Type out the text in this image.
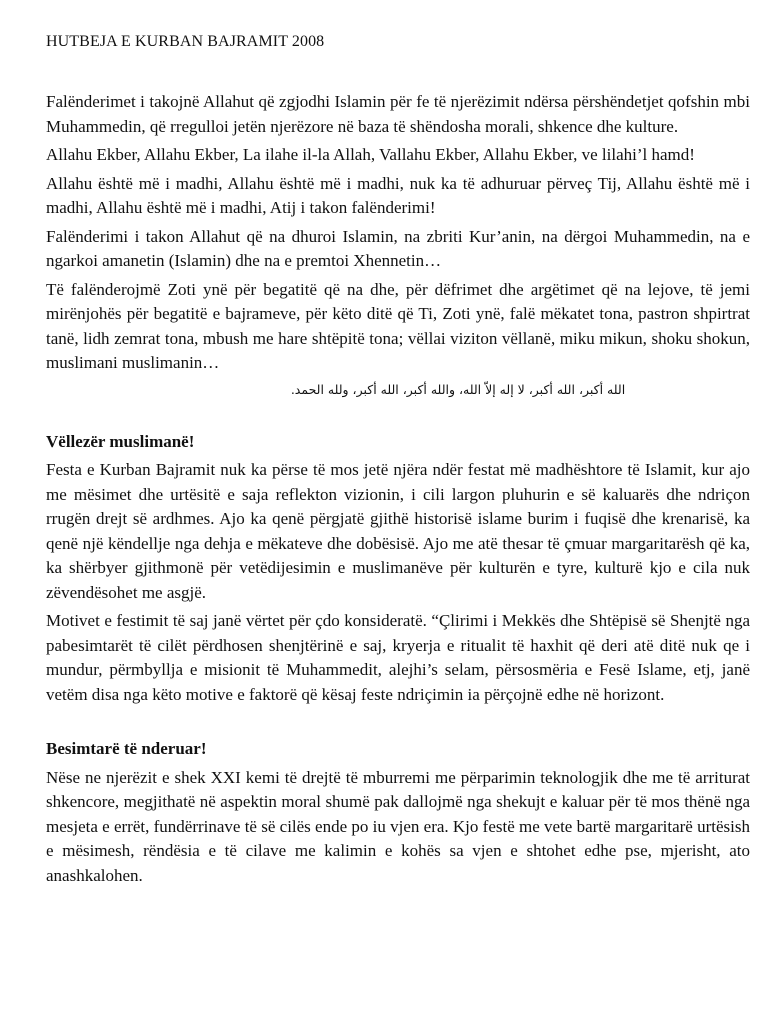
HUTBEJA E KURBAN BAJRAMIT 2008

Falënderimet i takojnë Allahut që zgjodhi Islamin për fe të njerëzimit ndërsa përshëndetjet qofshin mbi Muhammedin, që rregulloi jetën njerëzore në baza të shëndosha morali, shkence dhe kulture.

Allahu Ekber, Allahu Ekber, La ilahe il-la Allah, Vallahu Ekber, Allahu Ekber, ve lilahi’l hamd!

Allahu është më i madhi, Allahu është më i madhi, nuk ka të adhuruar përveç Tij, Allahu është më i madhi, Allahu është më i madhi, Atij i takon falënderimi!

Falënderimi i takon Allahut që na dhuroi Islamin, na zbriti Kur’anin, na dërgoi Muhammedin, na e ngarkoi amanetin (Islamin) dhe na e premtoi Xhennetin…

Të falënderojmë Zoti ynë për begatitë që na dhe, për dëfrimet dhe argëtimet që na lejove, të jemi mirënjohës për begatitë e bajrameve, për këto ditë që Ti, Zoti ynë, falë mëkatet tona, pastron shpirtrat tanë, lidh zemrat tona, mbush me hare shtëpitë tona; vëllai viziton vëllanë, miku mikun, shoku shokun, muslimani muslimanin…

الله أكبر، الله أكبر، لا إله إلاّ الله، والله أكبر، الله أكبر، ولله الحمد.
Vëllezër muslimanë!

Festa e Kurban Bajramit nuk ka përse të mos jetë njëra ndër festat më madhështore të Islamit, kur ajo me mësimet dhe urtësitë e saja reflekton vizionin, i cili largon pluhurin e së kaluarës dhe ndriçon rrugën drejt së ardhmes. Ajo ka qenë përgjatë gjithë historisë islame burim i fuqisë dhe krenarisë, ka qenë një këndellje nga dehja e mëkateve dhe dobësisë. Ajo me atë thesar të çmuar margaritarësh që ka, ka shërbyer gjithmonë për vetëdijesimin e muslimanëve për kulturën e tyre, kulturë kjo e cila nuk zëvendësohet me asgjë.

Motivet e festimit të saj janë vërtet për çdo konsideratë. “Çlirimi i Mekkës dhe Shtëpisë së Shenjtë nga pabesimtarët të cilët përdhosen shenjtërinë e saj, kryerja e ritualit të haxhit që deri atë ditë nuk qe i mundur, përmbyllja e misionit të Muhammedit, alejhi’s selam, përsosmëria e Fesë Islame, etj, janë vetëm disa nga këto motive e faktorë që kësaj feste ndriçimin ia përçojnë edhe në horizont.

Besimtarë të nderuar!

Nëse ne njerëzit e shek XXI kemi të drejtë të mburremi me përparimin teknologjik dhe me të arriturat shkencore, megjithatë në aspektin moral shumë pak dallojmë nga shekujt e kaluar për të mos thënë nga mesjeta e errët, fundërrinave të së cilës ende po iu vjen era. Kjo festë me vete bartë margaritarë urtësish e mësimesh, rëndësia e të cilave me kalimin e kohës sa vjen e shtohet edhe pse, mjerisht, ato anashkalohen.
